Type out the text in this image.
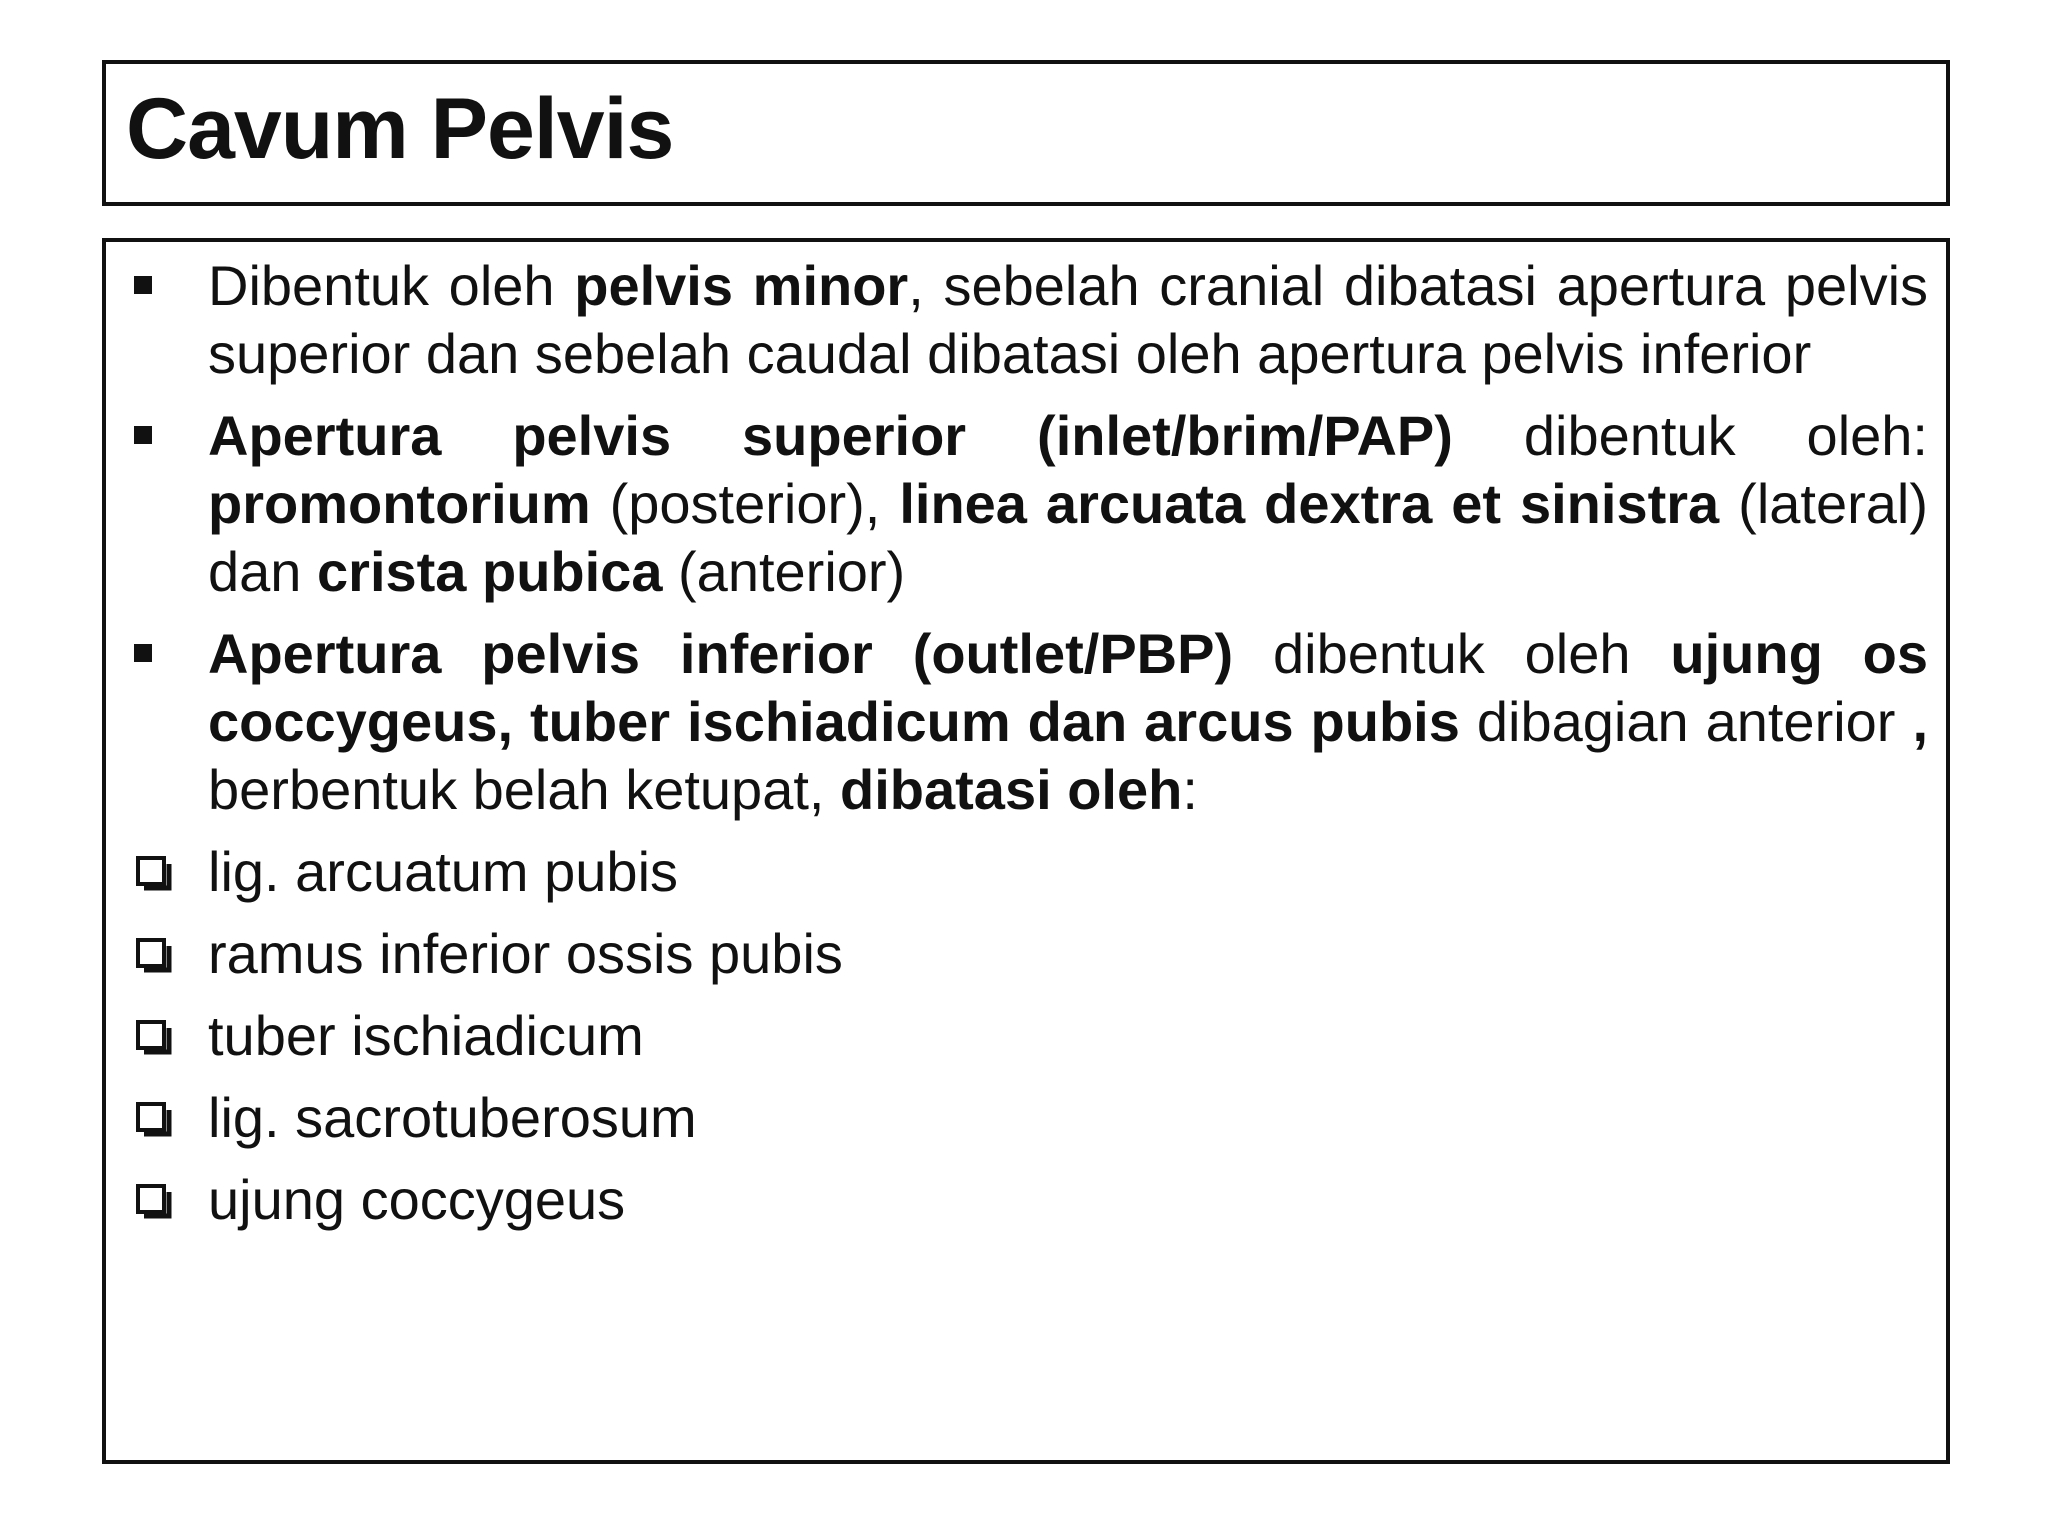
Cavum Pelvis
Dibentuk oleh pelvis minor, sebelah cranial dibatasi apertura pelvis superior dan sebelah caudal dibatasi oleh apertura pelvis inferior
Apertura pelvis superior (inlet/brim/PAP) dibentuk oleh: promontorium (posterior), linea arcuata dextra et sinistra (lateral) dan crista pubica (anterior)
Apertura pelvis inferior (outlet/PBP) dibentuk oleh ujung os coccygeus, tuber ischiadicum dan arcus pubis dibagian anterior , berbentuk belah ketupat, dibatasi oleh:
lig. arcuatum pubis
ramus inferior ossis pubis
tuber ischiadicum
lig. sacrotuberosum
ujung coccygeus
